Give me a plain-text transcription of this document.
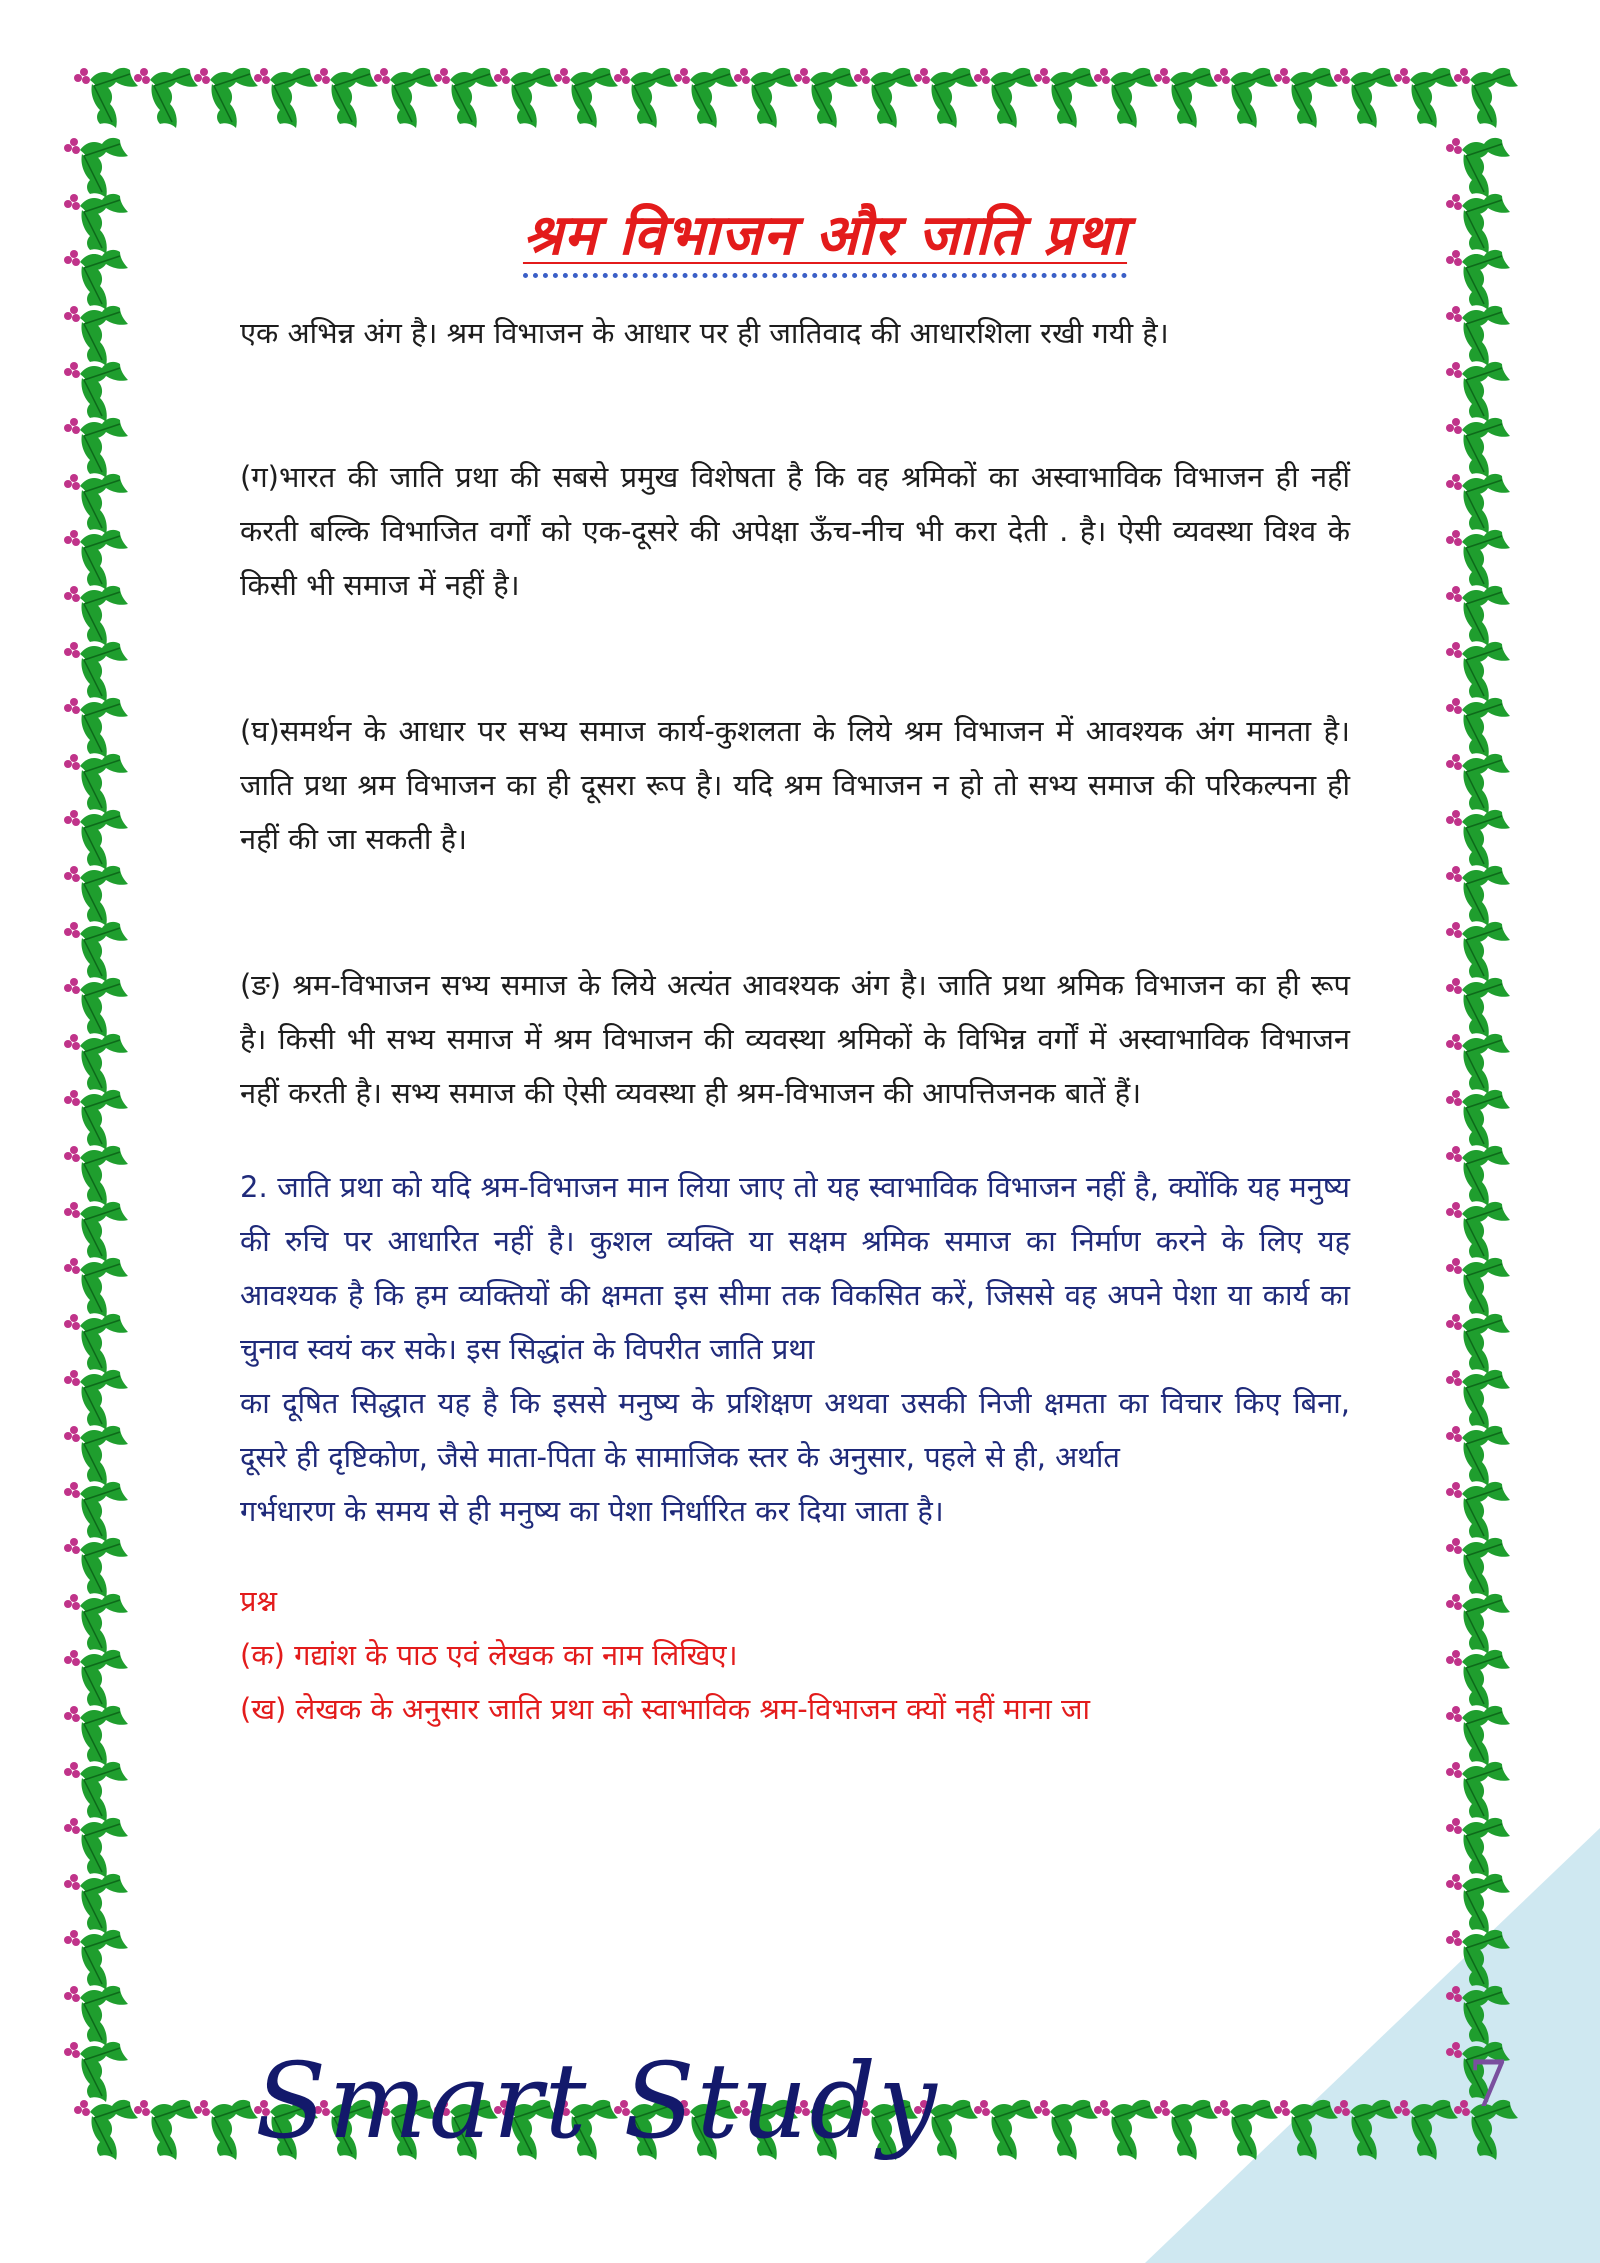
श्रम विभाजन और जाति प्रथा

एक अभिन्न अंग है। श्रम विभाजन के आधार पर ही जातिवाद की आधारशिला रखी गयी है।

(ग)भारत की जाति प्रथा की सबसे प्रमुख विशेषता है कि वह श्रमिकों का अस्वाभाविक विभाजन ही नहीं करती बल्कि विभाजित वर्गों को एक-दूसरे की अपेक्षा ऊँच-नीच भी करा देती . है। ऐसी व्यवस्था विश्व के किसी भी समाज में नहीं है।

(घ)समर्थन के आधार पर सभ्य समाज कार्य-कुशलता के लिये श्रम विभाजन में आवश्यक अंग मानता है। जाति प्रथा श्रम विभाजन का ही दूसरा रूप है। यदि श्रम विभाजन न हो तो सभ्य समाज की परिकल्पना ही नहीं की जा सकती है।

(ङ) श्रम-विभाजन सभ्य समाज के लिये अत्यंत आवश्यक अंग है। जाति प्रथा श्रमिक विभाजन का ही रूप है। किसी भी सभ्य समाज में श्रम विभाजन की व्यवस्था श्रमिकों के विभिन्न वर्गों में अस्वाभाविक विभाजन नहीं करती है। सभ्य समाज की ऐसी व्यवस्था ही श्रम-विभाजन की आपत्तिजनक बातें हैं।

2. जाति प्रथा को यदि श्रम-विभाजन मान लिया जाए तो यह स्वाभाविक विभाजन नहीं है, क्योंकि यह मनुष्य की रुचि पर आधारित नहीं है। कुशल व्यक्ति या सक्षम श्रमिक समाज का निर्माण करने के लिए यह आवश्यक है कि हम व्यक्तियों की क्षमता इस सीमा तक विकसित करें, जिससे वह अपने पेशा या कार्य का चुनाव स्वयं कर सके। इस सिद्धांत के विपरीत जाति प्रथा

का दूषित सिद्धात यह है कि इससे मनुष्य के प्रशिक्षण अथवा उसकी निजी क्षमता का विचार किए बिना, दूसरे ही दृष्टिकोण, जैसे माता-पिता के सामाजिक स्तर के अनुसार, पहले से ही, अर्थात

गर्भधारण के समय से ही मनुष्य का पेशा निर्धारित कर दिया जाता है।

प्रश्न

(क) गद्यांश के पाठ एवं लेखक का नाम लिखिए।

(ख) लेखक के अनुसार जाति प्रथा को स्वाभाविक श्रम-विभाजन क्यों नहीं माना जा

Smart Study	7
